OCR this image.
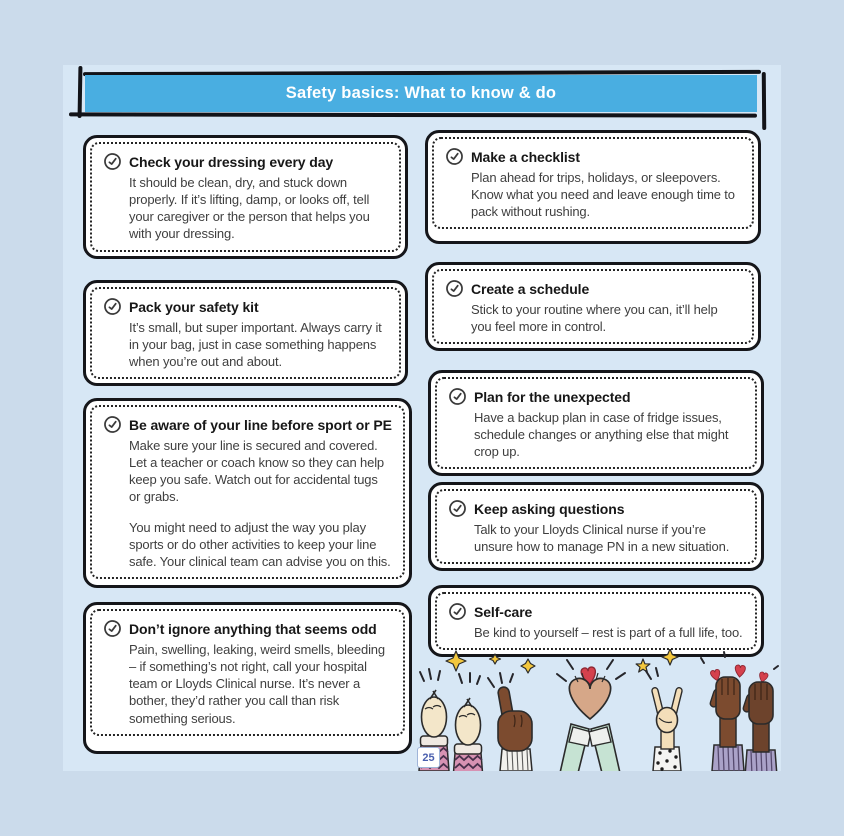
Safety basics: What to know & do
Check your dressing every day

It should be clean, dry, and stuck down properly. If it’s lifting, damp, or looks off, tell your caregiver or the person that helps you with your dressing.

Pack your safety kit

It’s small, but super important. Always carry it in your bag, just in case something happens when you’re out and about.

Be aware of your line before sport or PE

Make sure your line is secured and covered. Let a teacher or coach know so they can help keep you safe. Watch out for accidental tugs or grabs.

You might need to adjust the way you play sports or do other activities to keep your line safe. Your clinical team can advise you on this.

Don’t ignore anything that seems odd

Pain, swelling, leaking, weird smells, bleeding – if something’s not right, call your hospital team or Lloyds Clinical nurse. It’s never a bother, they’d rather you call than risk something serious.

Make a checklist

Plan ahead for trips, holidays, or sleepovers. Know what you need and leave enough time to pack without rushing.

Create a schedule

Stick to your routine where you can, it’ll help you feel more in control.

Plan for the unexpected

Have a backup plan in case of fridge issues, schedule changes or anything else that might crop up.

Keep asking questions

Talk to your Lloyds Clinical nurse if you’re unsure how to manage PN in a new situation.

Self-care

Be kind to yourself – rest is part of a full life, too.

25
